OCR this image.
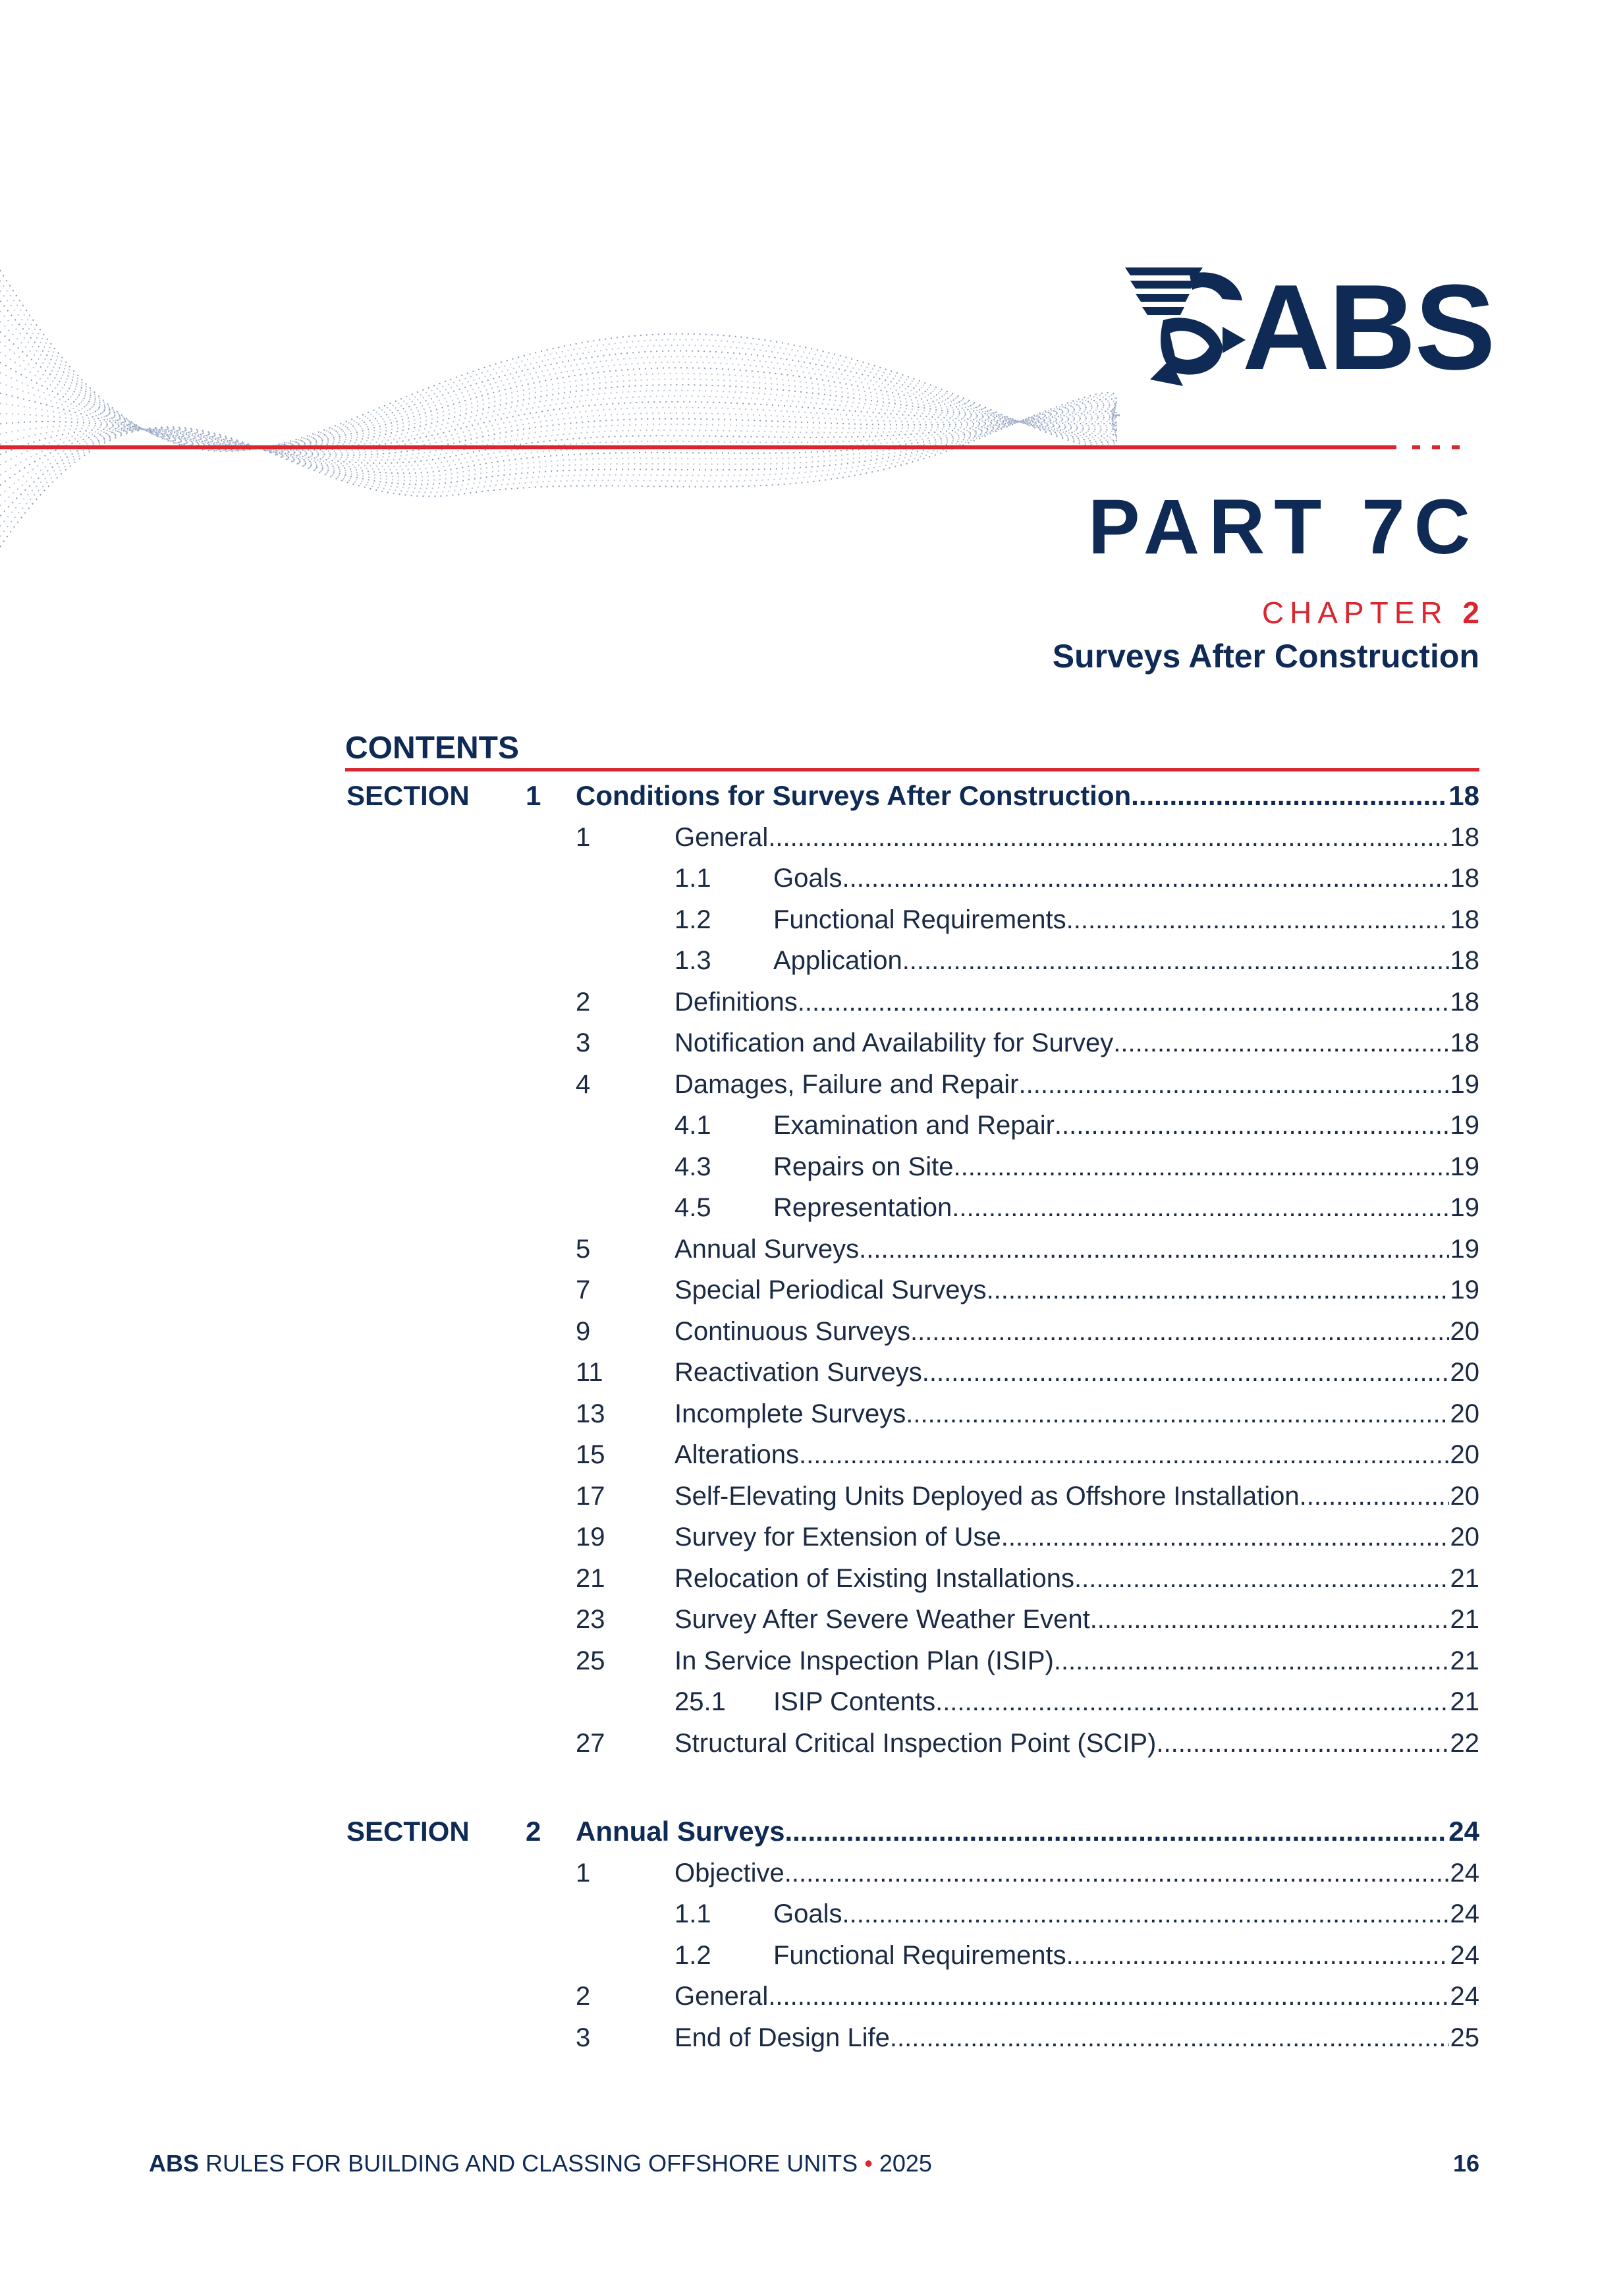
ABS
PART 7C
CHAPTER 2
Surveys After Construction
CONTENTS
SECTION 1 Conditions for Surveys After Construction .....	18
1	General .....	18
1.1 Goals .....	18
1.2 Functional Requirements .....	18
1.3 Application .....	18
2	Definitions .....	18
3	Notification and Availability for Survey .....	18
4	Damages, Failure and Repair .....	19
4.1 Examination and Repair .....	19
4.3 Repairs on Site .....	19
4.5 Representation .....	19
5	Annual Surveys .....	19
7	Special Periodical Surveys .....	19
9	Continuous Surveys .....	20
11	Reactivation Surveys .....	20
13	Incomplete Surveys .....	20
15	Alterations .....	20
17	Self-Elevating Units Deployed as Offshore Installation .....	20
19	Survey for Extension of Use .....	20
21	Relocation of Existing Installations .....	21
23	Survey After Severe Weather Event .....	21
25	In Service Inspection Plan (ISIP) .....	21
25.1 ISIP Contents .....	21
27	Structural Critical Inspection Point (SCIP) .....	22
SECTION 2 Annual Surveys .....	24
1	Objective .....	24
1.1 Goals .....	24
1.2 Functional Requirements .....	24
2	General .....	24
3	End of Design Life .....	25
ABS RULES FOR BUILDING AND CLASSING OFFSHORE UNITS • 2025	16
